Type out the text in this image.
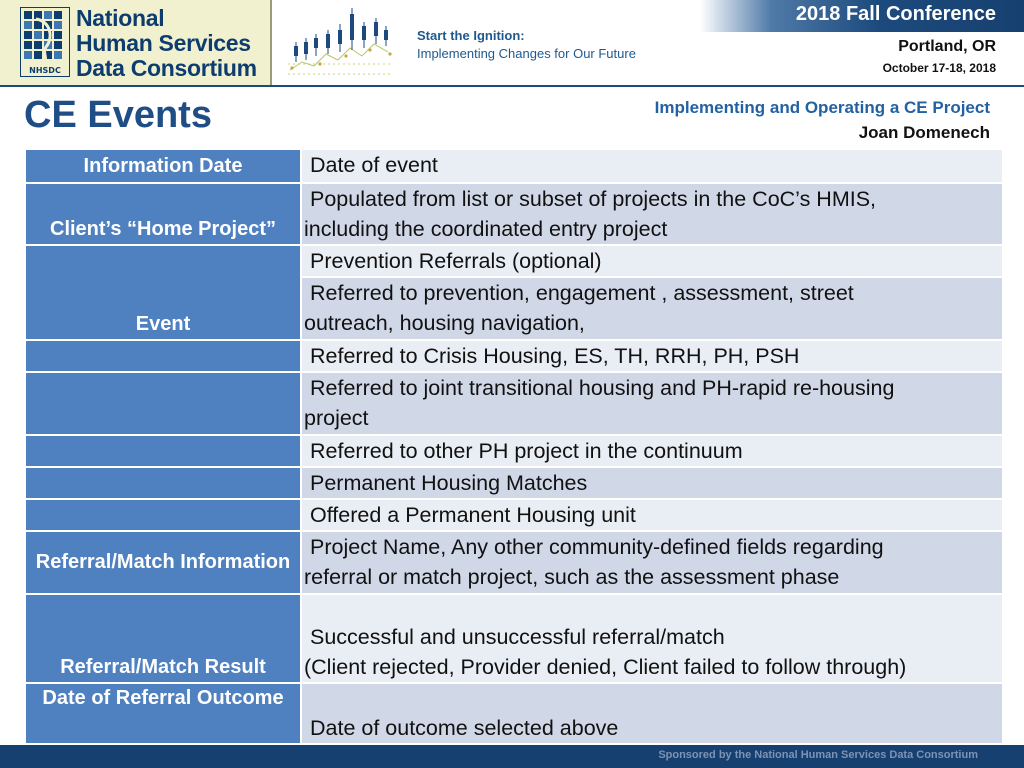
NHSDC
National
Human Services
Data Consortium
Start the Ignition:
Implementing Changes for Our Future
2018 Fall Conference
Portland, OR
October 17-18, 2018
CE Events	Implementing and Operating a CE Project
Joan Domenech
Information Date	Date of event

Client’s “Home Project”	Populated from list or subset of projects in the CoC’s HMIS,
including the coordinated entry project

Event	Prevention Referrals (optional)

	Referred to prevention, engagement , assessment, street
outreach, housing navigation,

	Referred to Crisis Housing, ES, TH, RRH, PH, PSH

	Referred to joint transitional housing and PH-rapid re-housing
project

	Referred to other PH project in the continuum

	Permanent Housing Matches

	Offered a Permanent Housing unit

Referral/Match Information	Project Name, Any other community-defined fields regarding
referral or match project, such as the assessment phase

Referral/Match Result	Successful and unsuccessful referral/match
(Client rejected, Provider denied, Client failed to follow through)

Date of Referral Outcome	Date of outcome selected above
Sponsored by the National Human Services Data Consortium
